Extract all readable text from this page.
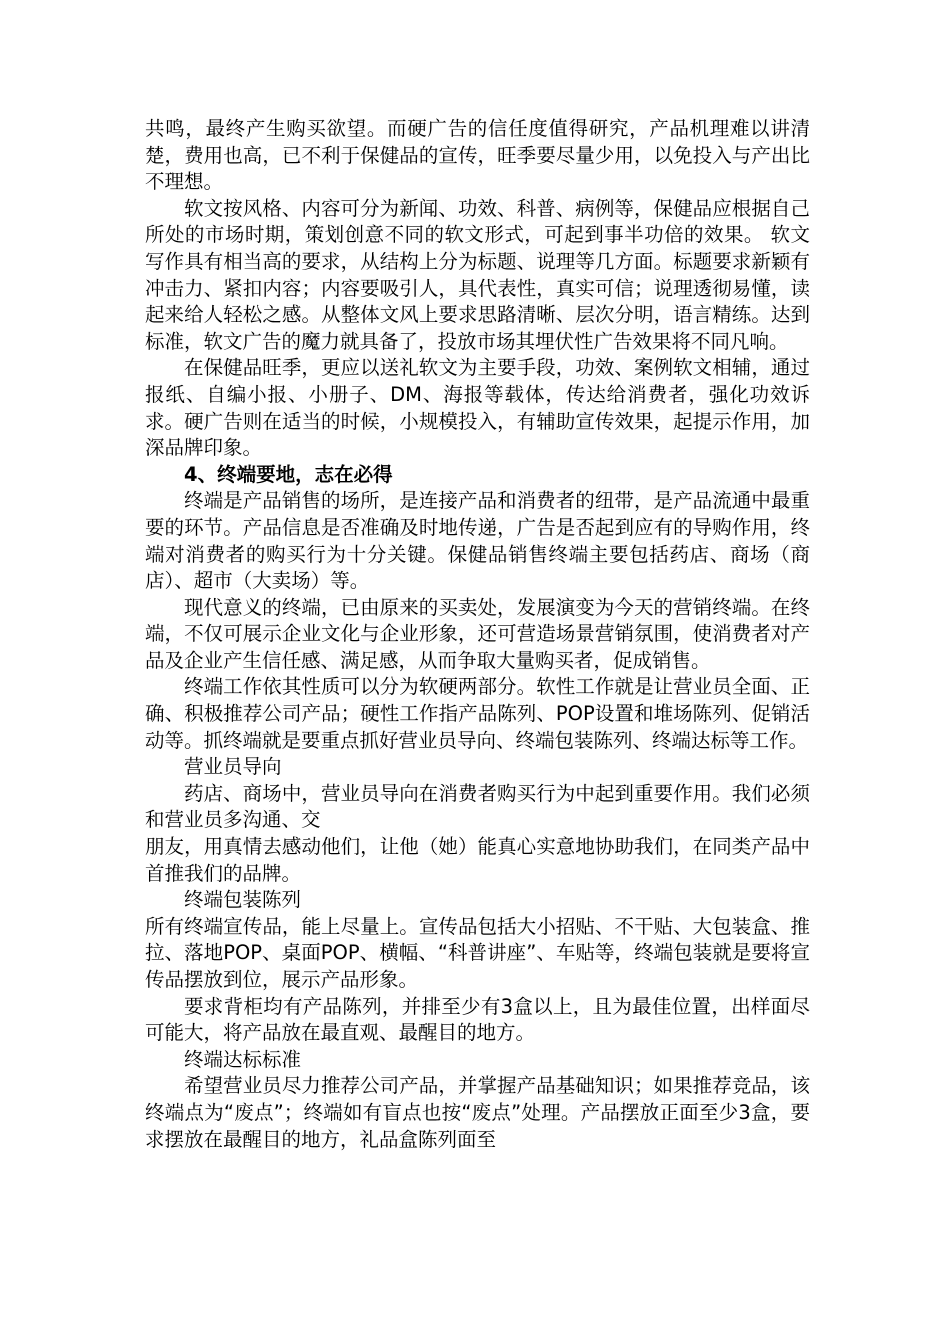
共鸣，最终产生购买欲望。而硬广告的信任度值得研究，产品机理难以讲清楚，费用也高，已不利于保健品的宣传，旺季要尽量少用，以免投入与产出比不理想。

软文按风格、内容可分为新闻、功效、科普、病例等，保健品应根据自己所处的市场时期，策划创意不同的软文形式，可起到事半功倍的效果。 软文写作具有相当高的要求，从结构上分为标题、说理等几方面。标题要求新颖有冲击力、紧扣内容；内容要吸引人，具代表性，真实可信；说理透彻易懂，读起来给人轻松之感。从整体文风上要求思路清晰、层次分明，语言精练。达到标准，软文广告的魔力就具备了，投放市场其埋伏性广告效果将不同凡响。

在保健品旺季，更应以送礼软文为主要手段，功效、案例软文相辅，通过报纸、自编小报、小册子、DM、海报等载体，传达给消费者，强化功效诉求。硬广告则在适当的时候，小规模投入，有辅助宣传效果，起提示作用，加深品牌印象。

4、终端要地，志在必得

终端是产品销售的场所，是连接产品和消费者的纽带，是产品流通中最重要的环节。产品信息是否准确及时地传递，广告是否起到应有的导购作用，终端对消费者的购买行为十分关键。保健品销售终端主要包括药店、商场（商店）、超市（大卖场）等。

现代意义的终端，已由原来的买卖处，发展演变为今天的营销终端。在终端，不仅可展示企业文化与企业形象，还可营造场景营销氛围，使消费者对产品及企业产生信任感、满足感，从而争取大量购买者，促成销售。

终端工作依其性质可以分为软硬两部分。软性工作就是让营业员全面、正确、积极推荐公司产品；硬性工作指产品陈列、POP设置和堆场陈列、促销活动等。抓终端就是要重点抓好营业员导向、终端包装陈列、终端达标等工作。

营业员导向

药店、商场中，营业员导向在消费者购买行为中起到重要作用。我们必须和营业员多沟通、交

朋友，用真情去感动他们，让他（她）能真心实意地协助我们，在同类产品中首推我们的品牌。

终端包装陈列

所有终端宣传品，能上尽量上。宣传品包括大小招贴、不干贴、大包装盒、推拉、落地POP、桌面POP、横幅、“科普讲座”、车贴等，终端包装就是要将宣传品摆放到位，展示产品形象。

要求背柜均有产品陈列，并排至少有3盒以上，且为最佳位置，出样面尽可能大，将产品放在最直观、最醒目的地方。

终端达标标准

希望营业员尽力推荐公司产品，并掌握产品基础知识；如果推荐竞品，该终端点为“废点”；终端如有盲点也按“废点”处理。产品摆放正面至少3盒，要求摆放在最醒目的地方，礼品盒陈列面至
